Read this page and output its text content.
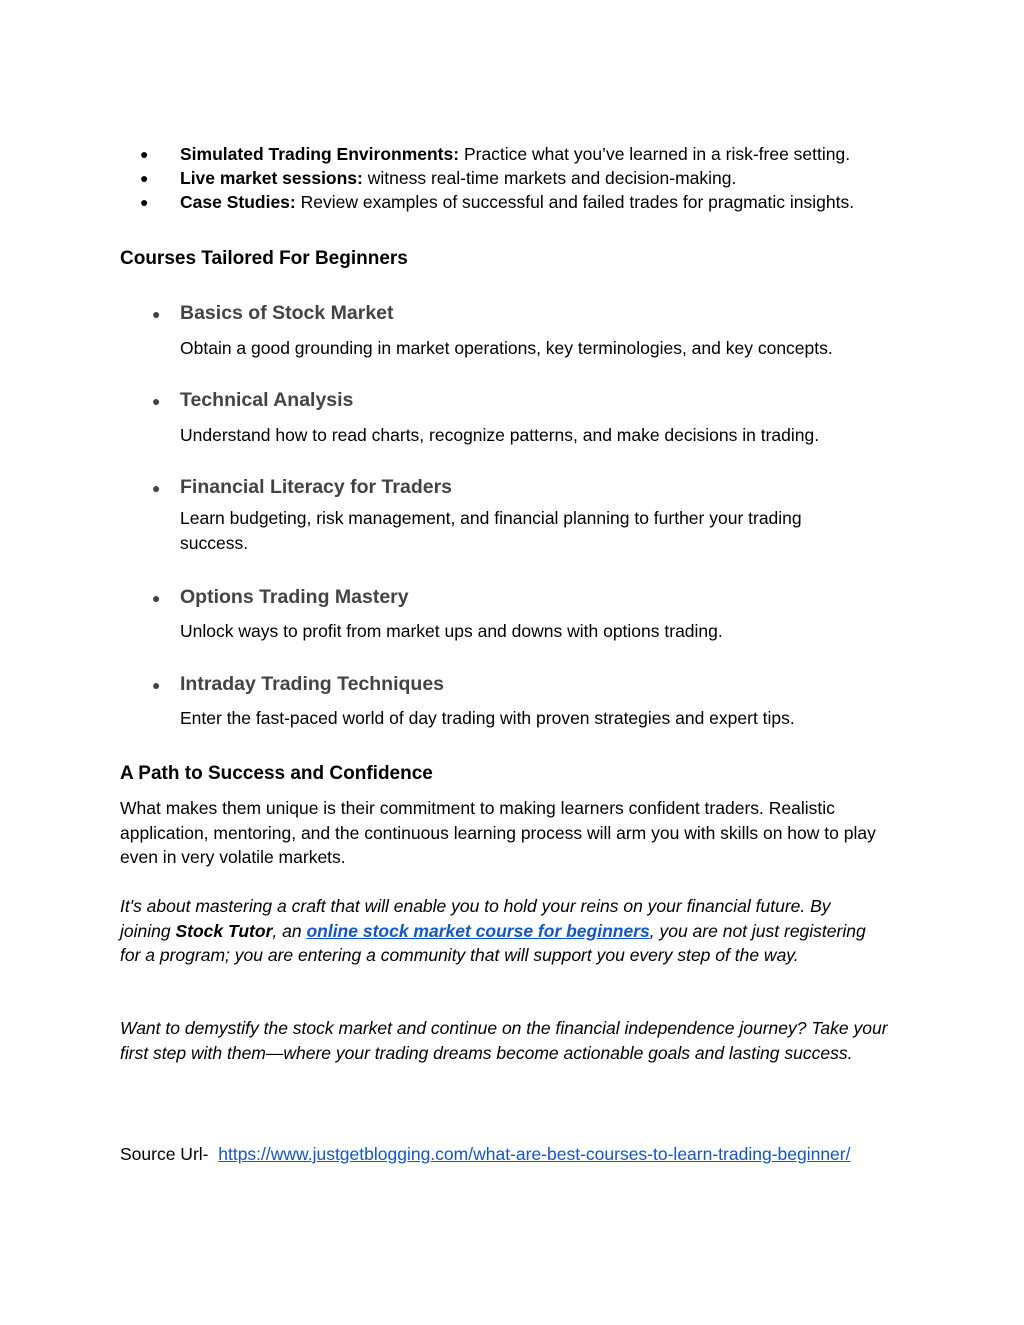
● Simulated Trading Environments: Practice what you’ve learned in a risk-free setting.
● Live market sessions: witness real-time markets and decision-making.
● Case Studies: Review examples of successful and failed trades for pragmatic insights.
Courses Tailored For Beginners
● Basics of Stock Market
Obtain a good grounding in market operations, key terminologies, and key concepts.
● Technical Analysis
Understand how to read charts, recognize patterns, and make decisions in trading.
● Financial Literacy for Traders
Learn budgeting, risk management, and financial planning to further your trading success.
● Options Trading Mastery
Unlock ways to profit from market ups and downs with options trading.
● Intraday Trading Techniques
Enter the fast-paced world of day trading with proven strategies and expert tips.
A Path to Success and Confidence
What makes them unique is their commitment to making learners confident traders. Realistic application, mentoring, and the continuous learning process will arm you with skills on how to play even in very volatile markets.
It's about mastering a craft that will enable you to hold your reins on your financial future. By joining Stock Tutor, an online stock market course for beginners, you are not just registering for a program; you are entering a community that will support you every step of the way.
Want to demystify the stock market and continue on the financial independence journey? Take your first step with them—where your trading dreams become actionable goals and lasting success.
Source Url- https://www.justgetblogging.com/what-are-best-courses-to-learn-trading-beginner/
